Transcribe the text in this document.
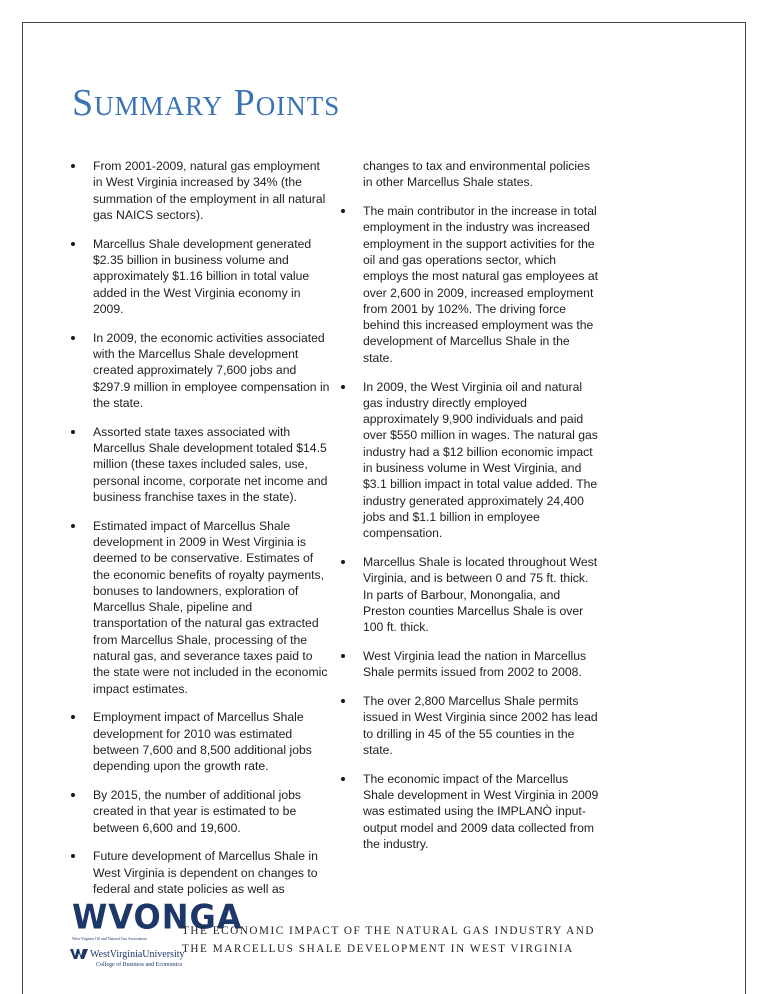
Summary Points
From 2001-2009, natural gas employment in West Virginia increased by 34% (the summation of the employment in all natural gas NAICS sectors).
Marcellus Shale development generated $2.35 billion in business volume and approximately $1.16 billion in total value added in the West Virginia economy in 2009.
In 2009, the economic activities associated with the Marcellus Shale development created approximately 7,600 jobs and $297.9 million in employee compensation in the state.
Assorted state taxes associated with Marcellus Shale development totaled $14.5 million (these taxes included sales, use, personal income, corporate net income and business franchise taxes in the state).
Estimated impact of Marcellus Shale development in 2009 in West Virginia is deemed to be conservative. Estimates of the economic benefits of royalty payments, bonuses to landowners, exploration of Marcellus Shale, pipeline and transportation of the natural gas extracted from Marcellus Shale, processing of the natural gas, and severance taxes paid to the state were not included in the economic impact estimates.
Employment impact of Marcellus Shale development for 2010 was estimated between 7,600 and 8,500 additional jobs depending upon the growth rate.
By 2015, the number of additional jobs created in that year is estimated to be between 6,600 and 19,600.
Future development of Marcellus Shale in West Virginia is dependent on changes to federal and state policies as well as
changes to tax and environmental policies in other Marcellus Shale states.
The main contributor in the increase in total employment in the industry was increased employment in the support activities for the oil and gas operations sector, which employs the most natural gas employees at over 2,600 in 2009, increased employment from 2001 by 102%. The driving force behind this increased employment was the development of Marcellus Shale in the state.
In 2009, the West Virginia oil and natural gas industry directly employed approximately 9,900 individuals and paid over $550 million in wages. The natural gas industry had a $12 billion economic impact in business volume in West Virginia, and $3.1 billion impact in total value added. The industry generated approximately 24,400 jobs and $1.1 billion in employee compensation.
Marcellus Shale is located throughout West Virginia, and is between 0 and 75 ft. thick. In parts of Barbour, Monongalia, and Preston counties Marcellus Shale is over 100 ft. thick.
West Virginia lead the nation in Marcellus Shale permits issued from 2002 to 2008.
The over 2,800 Marcellus Shale permits issued in West Virginia since 2002 has lead to drilling in 45 of the 55 counties in the state.
The economic impact of the Marcellus Shale development in West Virginia in 2009 was estimated using the IMPLANÒ input-output model and 2009 data collected from the industry.
WVONGA
West Virginia Oil and Natural Gas Association
WestVirginiaUniversity
College of Business and Economics
THE ECONOMIC IMPACT OF THE NATURAL GAS INDUSTRY AND
THE MARCELLUS SHALE DEVELOPMENT IN WEST VIRGINIA
